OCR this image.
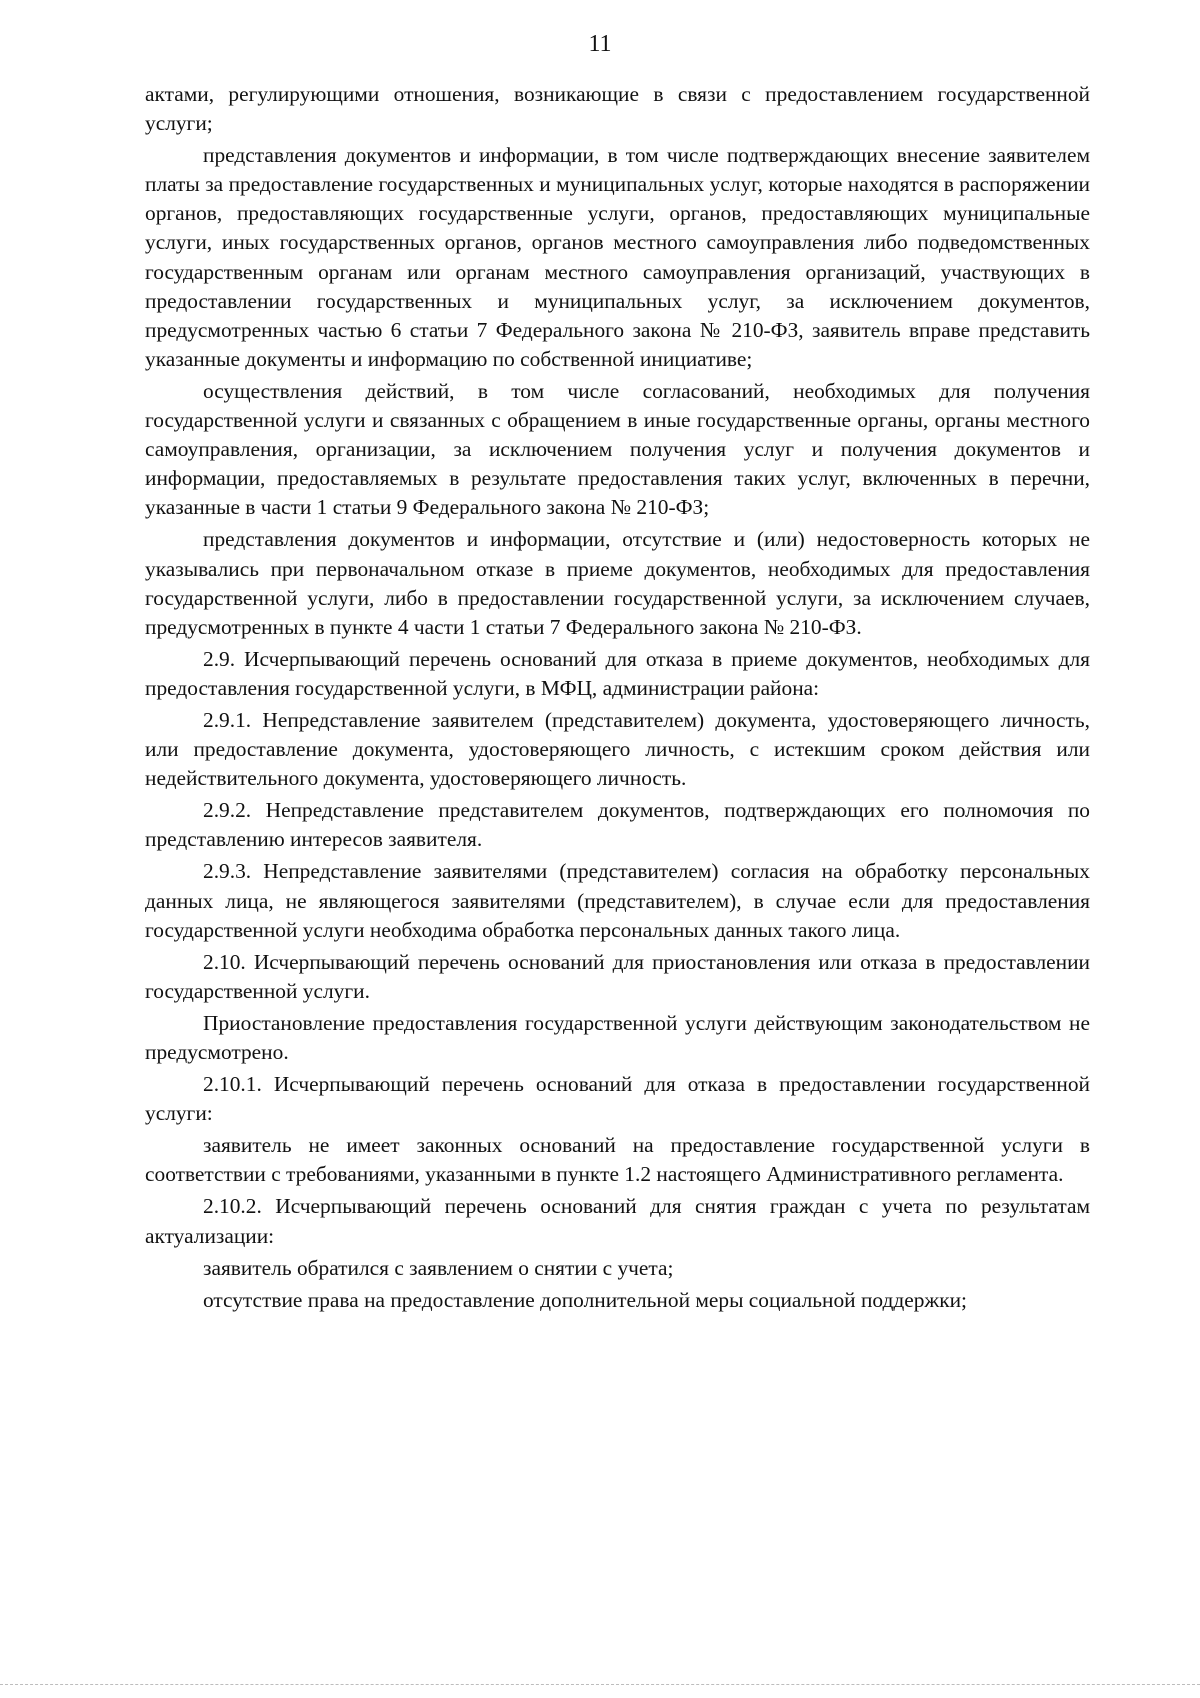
11

актами, регулирующими отношения, возникающие в связи с предоставлением государственной услуги;

представления документов и информации, в том числе подтверждающих внесение заявителем платы за предоставление государственных и муниципальных услуг, которые находятся в распоряжении органов, предоставляющих государственные услуги, органов, предоставляющих муниципальные услуги, иных государственных органов, органов местного самоуправления либо подведомственных государственным органам или органам местного самоуправления организаций, участвующих в предоставлении государственных и муниципальных услуг, за исключением документов, предусмотренных частью 6 статьи 7 Федерального закона № 210-ФЗ, заявитель вправе представить указанные документы и информацию по собственной инициативе;

осуществления действий, в том числе согласований, необходимых для получения государственной услуги и связанных с обращением в иные государственные органы, органы местного самоуправления, организации, за исключением получения услуг и получения документов и информации, предоставляемых в результате предоставления таких услуг, включенных в перечни, указанные в части 1 статьи 9 Федерального закона № 210-ФЗ;

представления документов и информации, отсутствие и (или) недостоверность которых не указывались при первоначальном отказе в приеме документов, необходимых для предоставления государственной услуги, либо в предоставлении государственной услуги, за исключением случаев, предусмотренных в пункте 4 части 1 статьи 7 Федерального закона № 210-ФЗ.

2.9. Исчерпывающий перечень оснований для отказа в приеме документов, необходимых для предоставления государственной услуги, в МФЦ, администрации района:

2.9.1. Непредставление заявителем (представителем) документа, удостоверяющего личность, или предоставление документа, удостоверяющего личность, с истекшим сроком действия или недействительного документа, удостоверяющего личность.

2.9.2. Непредставление представителем документов, подтверждающих его полномочия по представлению интересов заявителя.

2.9.3. Непредставление заявителями (представителем) согласия на обработку персональных данных лица, не являющегося заявителями (представителем), в случае если для предоставления государственной услуги необходима обработка персональных данных такого лица.

2.10. Исчерпывающий перечень оснований для приостановления или отказа в предоставлении государственной услуги.

Приостановление предоставления государственной услуги действующим законодательством не предусмотрено.

2.10.1. Исчерпывающий перечень оснований для отказа в предоставлении государственной услуги:

заявитель не имеет законных оснований на предоставление государственной услуги в соответствии с требованиями, указанными в пункте 1.2 настоящего Административного регламента.

2.10.2. Исчерпывающий перечень оснований для снятия граждан с учета по результатам актуализации:

заявитель обратился с заявлением о снятии с учета;

отсутствие права на предоставление дополнительной меры социальной поддержки;
